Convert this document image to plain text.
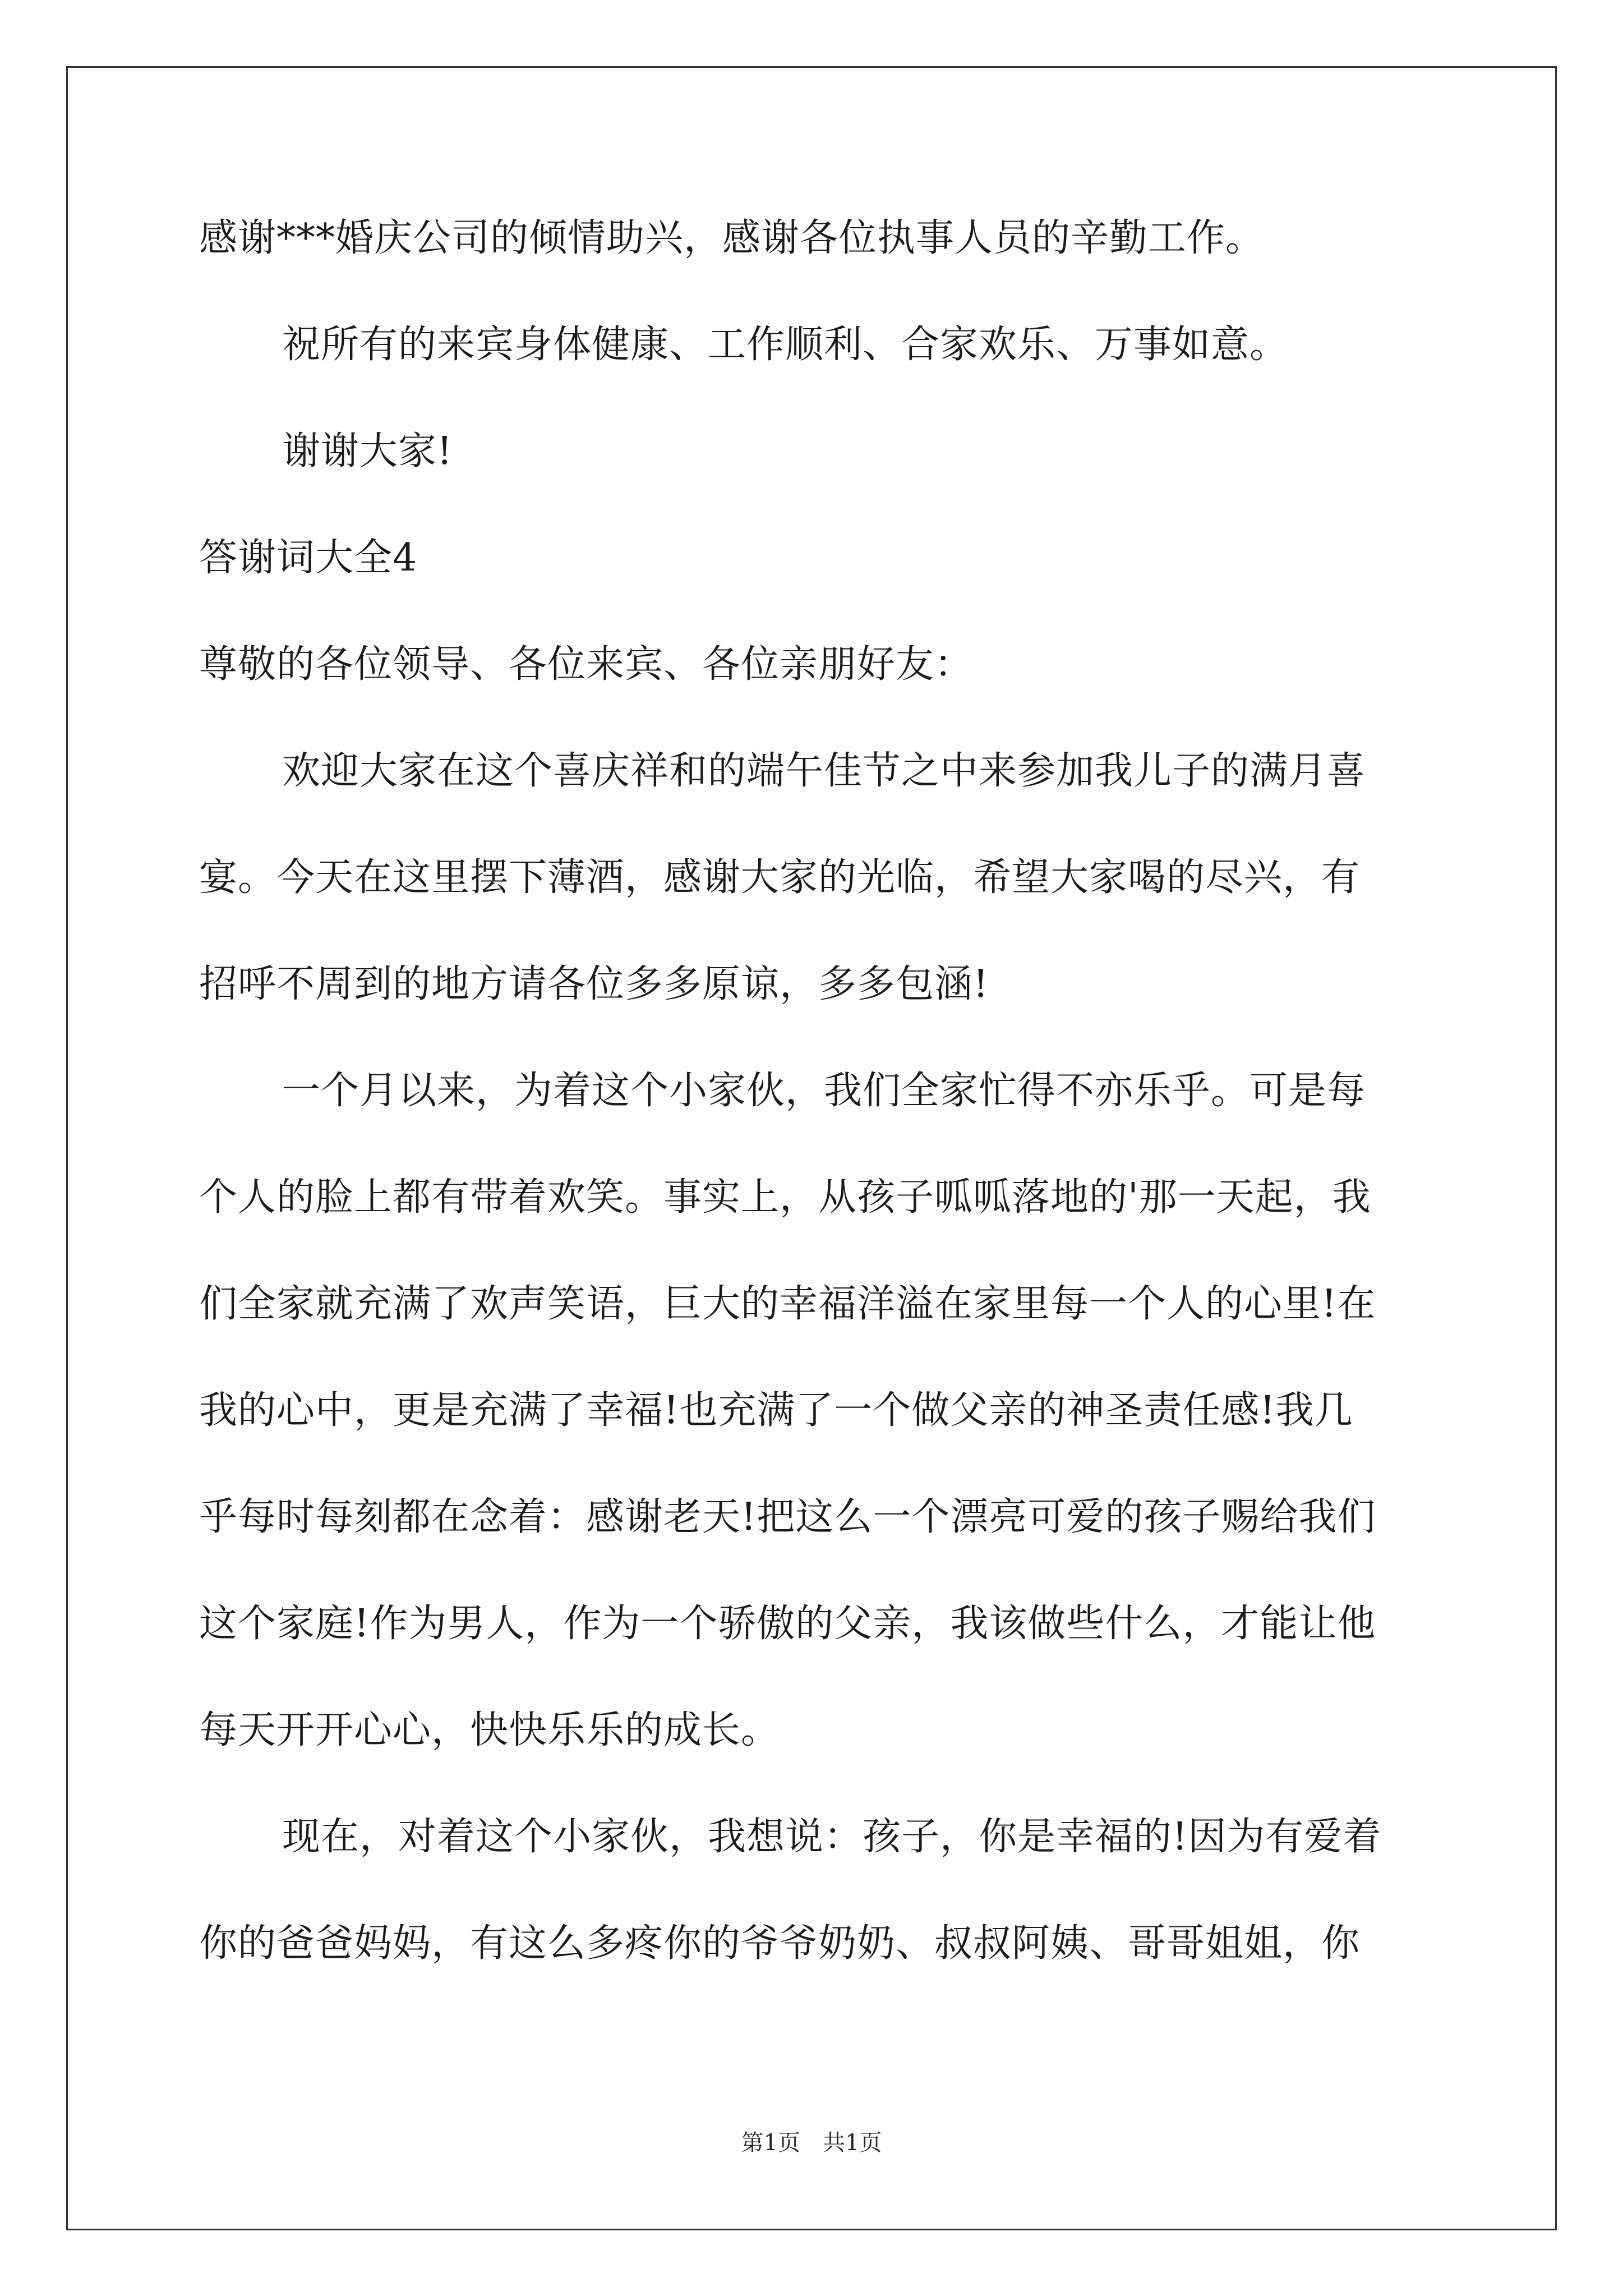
感谢***婚庆公司的倾情助兴，感谢各位执事人员的辛勤工作。
祝所有的来宾身体健康、工作顺利、合家欢乐、万事如意。
谢谢大家!
答谢词大全4
尊敬的各位领导、各位来宾、各位亲朋好友：
欢迎大家在这个喜庆祥和的端午佳节之中来参加我儿子的满月喜
宴。今天在这里摆下薄酒，感谢大家的光临，希望大家喝的尽兴，有
招呼不周到的地方请各位多多原谅，多多包涵!
一个月以来，为着这个小家伙，我们全家忙得不亦乐乎。可是每
个人的脸上都有带着欢笑。事实上，从孩子呱呱落地的'那一天起，我
们全家就充满了欢声笑语，巨大的幸福洋溢在家里每一个人的心里!在
我的心中，更是充满了幸福!也充满了一个做父亲的神圣责任感!我几
乎每时每刻都在念着：感谢老天!把这么一个漂亮可爱的孩子赐给我们
这个家庭!作为男人，作为一个骄傲的父亲，我该做些什么，才能让他
每天开开心心，快快乐乐的成长。
现在，对着这个小家伙，我想说：孩子，你是幸福的!因为有爱着
你的爸爸妈妈，有这么多疼你的爷爷奶奶、叔叔阿姨、哥哥姐姐，你
第1页 共1页
